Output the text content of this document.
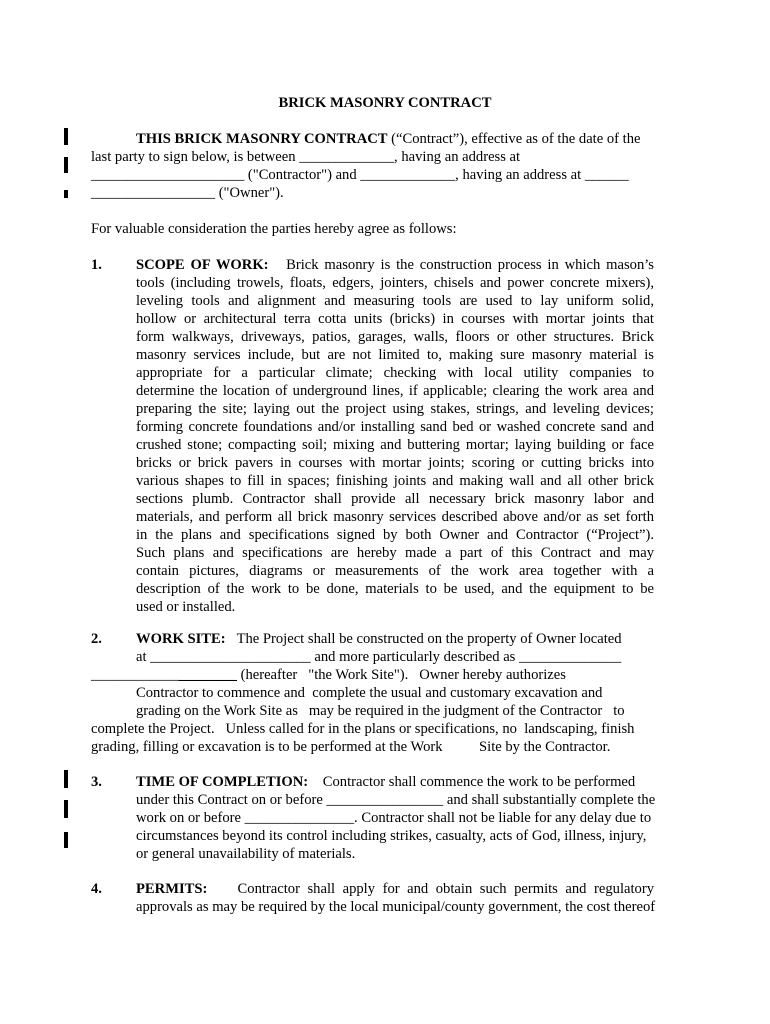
BRICK MASONRY CONTRACT
THIS BRICK MASONRY CONTRACT (“Contract”), effective as of the date of the
last party to sign below, is between _____________, having an address at
_____________________ ("Contractor") and _____________, having an address at ______
_________________ ("Owner").
For valuable consideration the parties hereby agree as follows:
1. SCOPE OF WORK: Brick masonry is the construction process in which mason’s
tools (including trowels, floats, edgers, jointers, chisels and power concrete mixers),
leveling tools and alignment and measuring tools are used to lay uniform solid,
hollow or architectural terra cotta units (bricks) in courses with mortar joints that
form walkways, driveways, patios, garages, walls, floors or other structures. Brick
masonry services include, but are not limited to, making sure masonry material is
appropriate for a particular climate; checking with local utility companies to
determine the location of underground lines, if applicable; clearing the work area and
preparing the site; laying out the project using stakes, strings, and leveling devices;
forming concrete foundations and/or installing sand bed or washed concrete sand and
crushed stone; compacting soil; mixing and buttering mortar; laying building or face
bricks or brick pavers in courses with mortar joints; scoring or cutting bricks into
various shapes to fill in spaces; finishing joints and making wall and all other brick
sections plumb. Contractor shall provide all necessary brick masonry labor and
materials, and perform all brick masonry services described above and/or as set forth
in the plans and specifications signed by both Owner and Contractor (“Project”).
Such plans and specifications are hereby made a part of this Contract and may
contain pictures, diagrams or measurements of the work area together with a
description of the work to be done, materials to be used, and the equipment to be
used or installed.
2. WORK SITE: The Project shall be constructed on the property of Owner located
at ______________________ and more particularly described as ______________
____________________ (hereafter   "the Work Site").   Owner hereby authorizes
Contractor to commence and  complete the usual and customary excavation and
grading on the Work Site as   may be required in the judgment of the Contractor   to
complete the Project.   Unless called for in the plans or specifications, no  landscaping, finish
grading, filling or excavation is to be performed at the Work          Site by the Contractor.
3. TIME OF COMPLETION: Contractor shall commence the work to be performed
under this Contract on or before ________________ and shall substantially complete the
work on or before _______________. Contractor shall not be liable for any delay due to
circumstances beyond its control including strikes, casualty, acts of God, illness, injury,
or general unavailability of materials.
4. PERMITS: Contractor shall apply for and obtain such permits and regulatory
approvals as may be required by the local municipal/county government, the cost thereof
